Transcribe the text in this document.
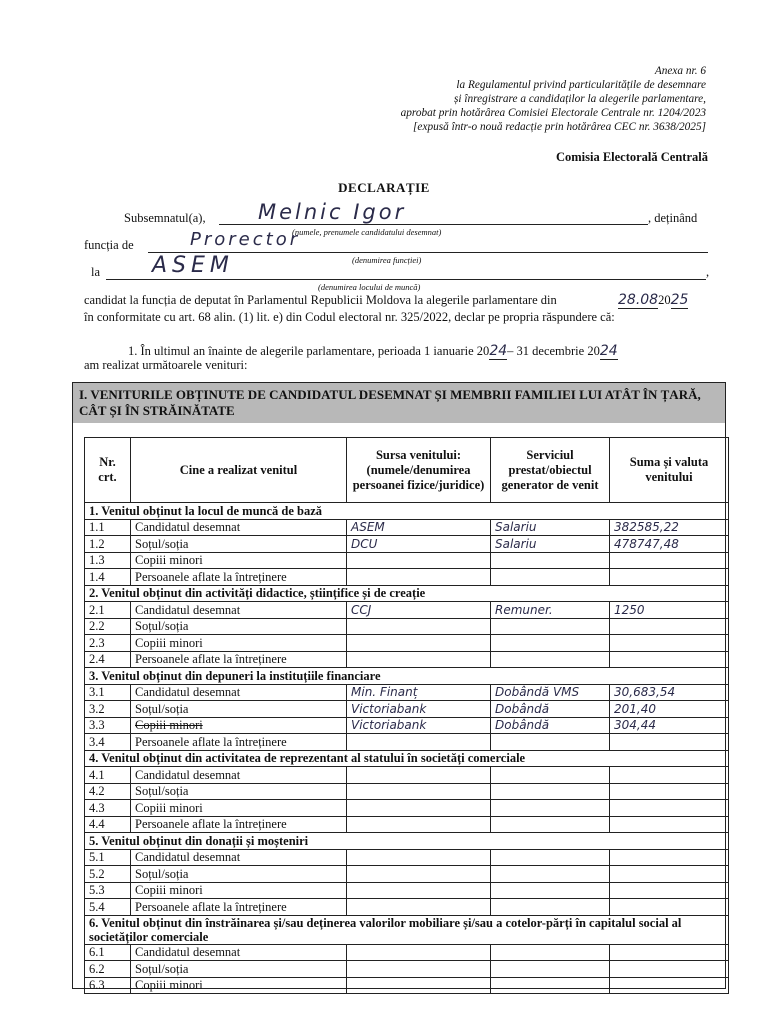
Anexa nr. 6
la Regulamentul privind particularitățile de desemnare
și înregistrare a candidaților la alegerile parlamentare,
aprobat prin hotărârea Comisiei Electorale Centrale nr. 1204/2023
[expusă într-o nouă redacție prin hotărârea CEC nr. 3638/2025]
Comisia Electorală Centrală
DECLARAȚIE
Subsemnatul(a), Melnic Igor
(numele, prenumele candidatului desemnat)
, deținând
funcția de	Prorector
(denumirea funcției)
la	,
ASEM
(denumirea locului de muncă)
candidat la funcția de deputat în Parlamentul Republicii Moldova la alegerile parlamentare din	28.082025
în conformitate cu art. 68 alin. (1) lit. e) din Codul electoral nr. 325/2022, declar pe propria răspundere că:
1. În ultimul an înainte de alegerile parlamentare, perioada 1 ianuarie 2024– 31 decembrie 2024
am realizat următoarele venituri:
I. VENITURILE OBȚINUTE DE CANDIDATUL DESEMNAT ȘI MEMBRII FAMILIEI LUI ATÂT ÎN ȚARĂ, CÂT ȘI ÎN STRĂINĂTATE
Nr. crt.	Cine a realizat venitul	Sursa venitului: (numele/denumirea persoanei fizice/juridice)	Serviciul prestat/obiectul generator de venit	Suma și valuta venitului
1. Venitul obținut la locul de muncă de bază				
1.1	Candidatul desemnat	ASEM	Salariu	382585,22
1.2	Soțul/soția	DCU	Salariu	478747,48
1.3	Copiii minori			
1.4	Persoanele aflate la întreținere			
2. Venitul obținut din activități didactice, științifice și de creație				
2.1	Candidatul desemnat	CCJ	Remuner.	1250
2.2	Soțul/soția			
2.3	Copiii minori			
2.4	Persoanele aflate la întreținere			
3. Venitul obținut din depuneri la instituțiile financiare				
3.1	Candidatul desemnat	Min. Finanț	Dobândă VMS	30,683,54
3.2	Soțul/soția	Victoriabank	Dobândă	201,40
3.3	Copiii minori	Victoriabank	Dobândă	304,44
3.4	Persoanele aflate la întreținere			
4. Venitul obținut din activitatea de reprezentant al statului în societăți comerciale				
4.1	Candidatul desemnat			
4.2	Soțul/soția			
4.3	Copiii minori			
4.4	Persoanele aflate la întreținere			
5. Venitul obținut din donații și moșteniri				
5.1	Candidatul desemnat			
5.2	Soțul/soția			
5.3	Copiii minori			
5.4	Persoanele aflate la întreținere			
6. Venitul obținut din înstrăinarea și/sau deținerea valorilor mobiliare și/sau a cotelor-părți în capitalul social al societăților comerciale				
6.1	Candidatul desemnat			
6.2	Soțul/soția			
6.3	Copiii minori			
